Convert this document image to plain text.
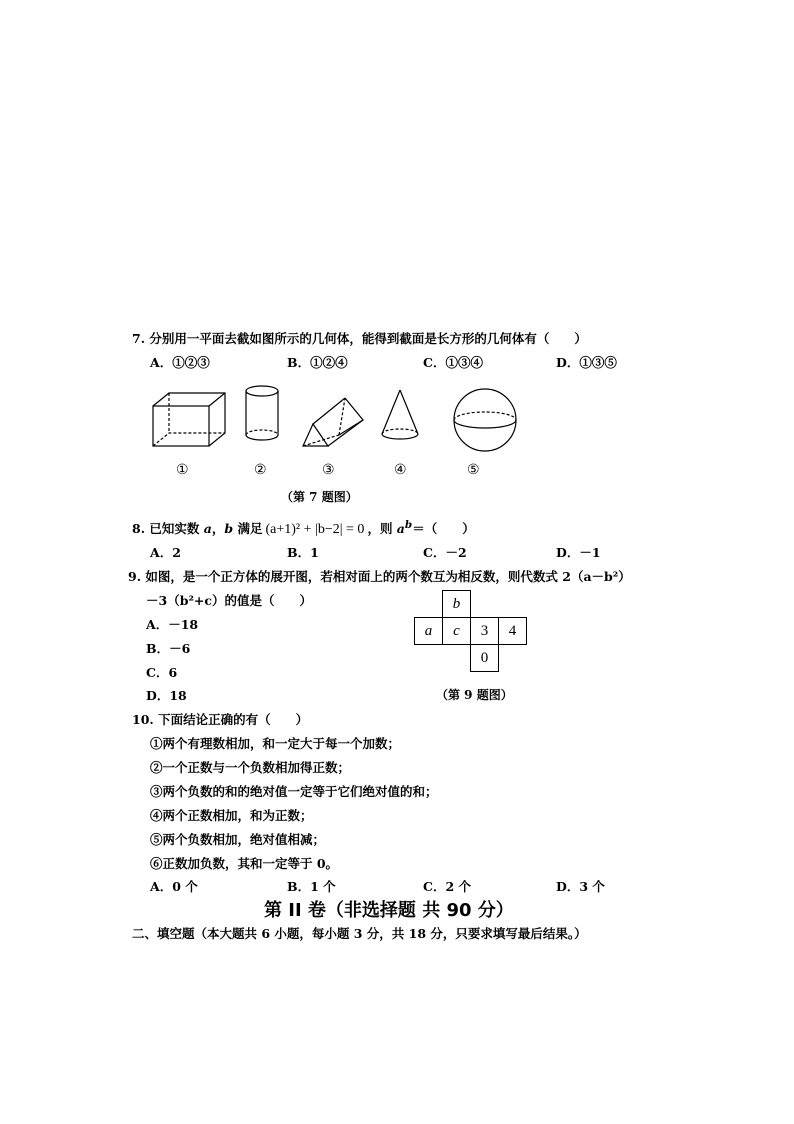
7. 分别用一平面去截如图所示的几何体，能得到截面是长方形的几何体有（　　）
A．①②③	B．①②④	C．①③④	D．①③⑤
①	②	③	④	⑤
（第 7 题图）
8. 已知实数 a，b 满足 (a+1)² + |b−2| = 0 ，则 $a^b=$（　　）
A．2	B．1	C．－2	D．－1
9. 如图，是一个正方体的展开图，若相对面上的两个数互为相反数，则代数式 2（a－b²）
－3（b²+c）的值是（　　）
A．－18
B．－6
C．6
D．18
	b		
a	c	3	4
		0	
（第 9 题图）
10. 下面结论正确的有（　　）
①两个有理数相加，和一定大于每一个加数；
②一个正数与一个负数相加得正数；
③两个负数的和的绝对值一定等于它们绝对值的和；
④两个正数相加，和为正数；
⑤两个负数相加，绝对值相减；
⑥正数加负数，其和一定等于 0。
A．0 个	B．1 个	C．2 个	D．3 个
第 II 卷（非选择题 共 90 分）
二、填空题（本大题共 6 小题，每小题 3 分，共 18 分，只要求填写最后结果。）
